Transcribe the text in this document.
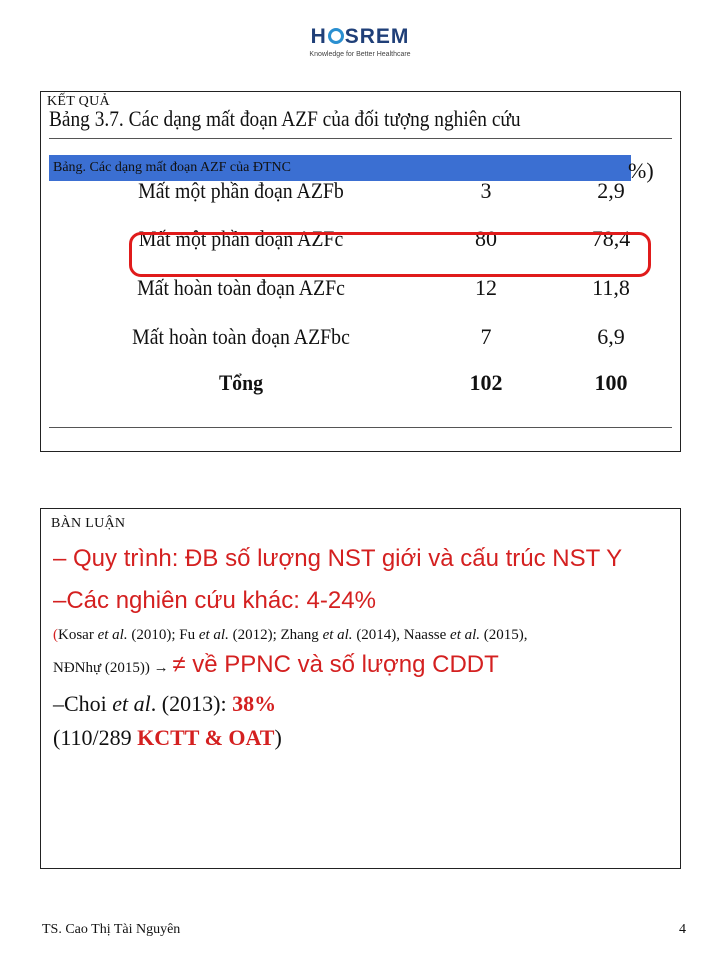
H SREM
Knowledge for Better Healthcare
KẾT QUẢ
Bảng 3.7. Các dạng mất đoạn AZF của đối tượng nghiên cứu
Bảng. Các dạng mất đoạn AZF của ĐTNC	%)
Mất một phần đoạn AZFb	3	2,9
Mất một phần đoạn AZFc	80	78,4
Mất hoàn toàn đoạn AZFc	12	11,8
Mất hoàn toàn đoạn AZFbc	7	6,9
Tổng	102	100
BÀN LUẬN
– Quy trình: ĐB số lượng NST giới và cấu trúc NST Y
–Các nghiên cứu khác: 4-24%
(Kosar et al. (2010); Fu et al. (2012); Zhang et al. (2014), Naasse et al. (2015),
NĐNhự (2015)) → ≠ về PPNC và số lượng CDDT
–Choi et al. (2013): 38%
(110/289 KCTT & OAT)
TS. Cao Thị Tài Nguyên	4
